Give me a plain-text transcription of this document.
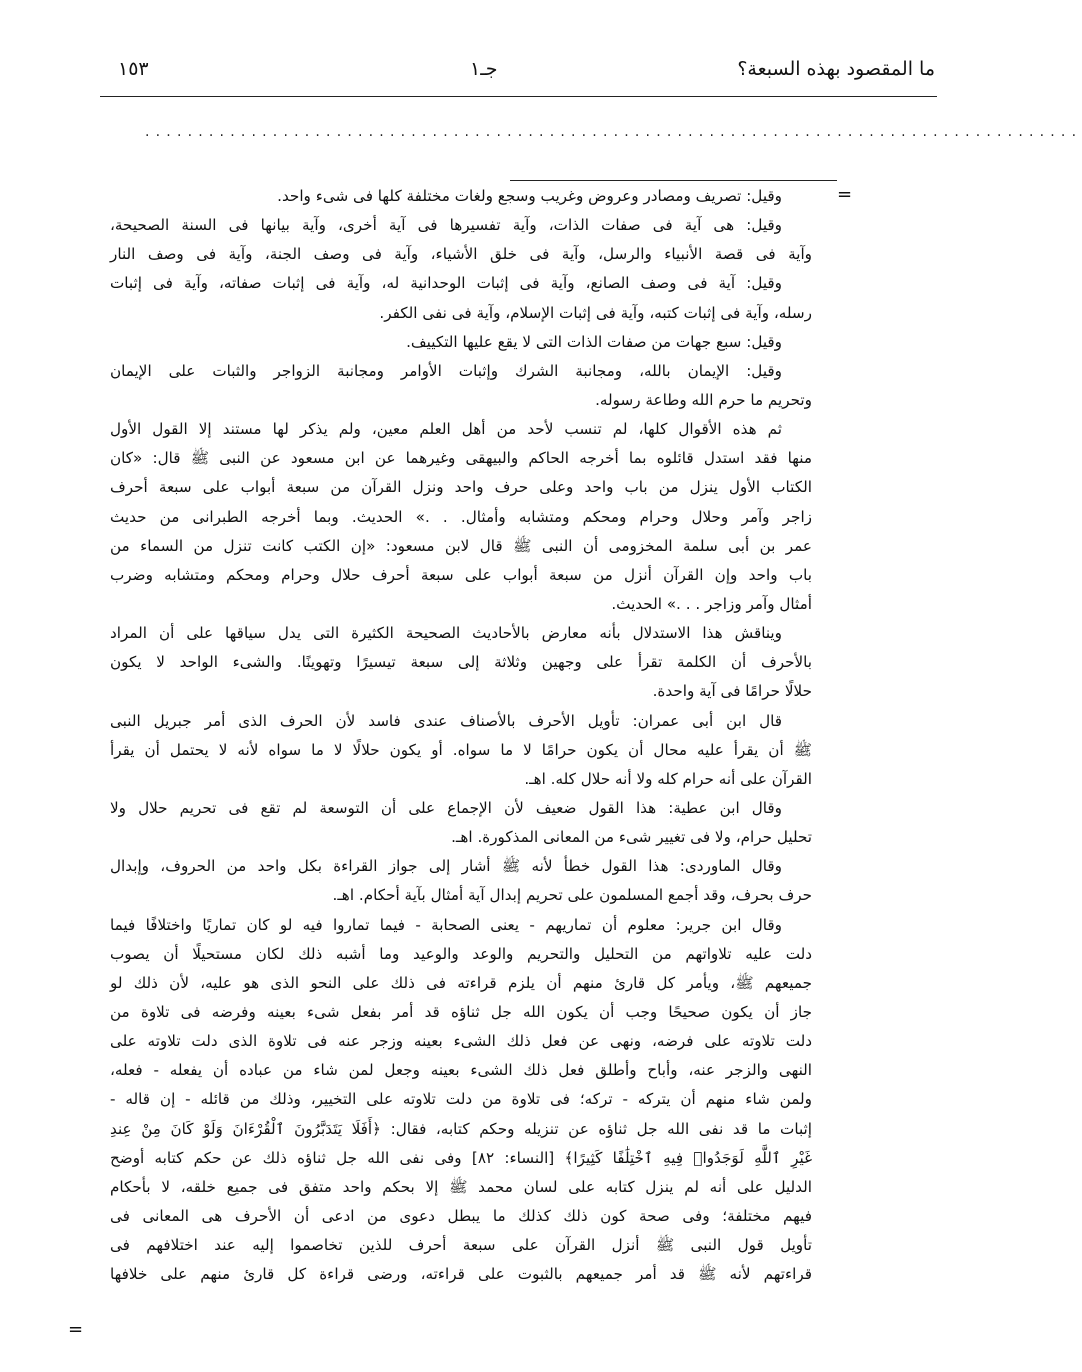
ما المقصود بهذه السبعة؟
جـ١
١٥٣
........................................................................................
=
=
وقيل: تصريف ومصادر وعروض وغريب وسجع ولغات مختلفة كلها فى شىء واحد.
وقيل: هى آية فى صفات الذات، وآية تفسيرها فى آية أخرى، وآية بيانها فى السنة الصحيحة،
وآية فى قصة الأنبياء والرسل، وآية فى خلق الأشياء، وآية فى وصف الجنة، وآية فى وصف النار
وقيل: آية فى وصف الصانع، وآية فى إثبات الوحدانية له، وآية فى إثبات صفاته، وآية فى إثبات
رسله، وآية فى إثبات كتبه، وآية فى إثبات الإسلام، وآية فى نفى الكفر.
وقيل: سبع جهات من صفات الذات التى لا يقع عليها التكييف.
وقيل: الإيمان بالله، ومجانبة الشرك وإثبات الأوامر ومجانبة الزواجر والثبات على الإيمان
وتحريم ما حرم الله وطاعة رسوله.
ثم هذه الأقوال كلها، لم تنسب لأحد من أهل العلم معين، ولم يذكر لها مستند إلا القول الأول
منها فقد استدل قائلوه بما أخرجه الحاكم والبيهقى وغيرهما عن ابن مسعود عن النبى ﷺ قال: «كان
الكتاب الأول ينزل من باب واحد وعلى حرف واحد ونزل القرآن من سبعة أبواب على سبعة أحرف
زاجر وآمر وحلال وحرام ومحكم ومتشابه وأمثال. . .» الحديث. وبما أخرجه الطبرانى من حديث
عمر بن أبى سلمة المخزومى أن النبى ﷺ قال لابن مسعود: «إن الكتب كانت تنزل من السماء من
باب واحد وإن القرآن أنزل من سبعة أبواب على سبعة أحرف حلال وحرام ومحكم ومتشابه وضرب
أمثال وآمر وزاجر . . .» الحديث.
ويناقش هذا الاستدلال بأنه معارض بالأحاديث الصحيحة الكثيرة التى يدل سياقها على أن المراد
بالأحرف أن الكلمة تقرأ على وجهين وثلاثة إلى سبعة تيسيرًا وتهوينًا. والشىء الواحد لا يكون
حلالًا حرامًا فى آية واحدة.
قال ابن أبى عمران: تأويل الأحرف بالأصناف عندى فاسد لأن الحرف الذى أمر جبريل النبى
ﷺ أن يقرأ عليه محال أن يكون حرامًا لا ما سواه. أو يكون حلالًا لا ما سواه لأنه لا يحتمل أن يقرأ
القرآن على أنه حرام كله ولا أنه حلال كله. اهـ.
وقال ابن عطية: هذا القول ضعيف لأن الإجماع على أن التوسعة لم تقع فى تحريم حلال ولا
تحليل حرام، ولا فى تغيير شىء من المعانى المذكورة. اهـ.
وقال الماوردى: هذا القول خطأ لأنه ﷺ أشار إلى جواز القراءة بكل واحد من الحروف، وإبدال
حرف بحرف، وقد أجمع المسلمون على تحريم إبدال آية أمثال بآية أحكام. اهـ.
وقال ابن جرير: معلوم أن تماريهم - يعنى الصحابة - فيما تماروا فيه لو كان تماريًا واختلافًا فيما
دلت عليه تلاواتهم من التحليل والتحريم والوعد والوعيد وما أشبه ذلك لكان مستحيلًا أن يصوب
جميعهم ﷺ، ويأمر كل قارئ منهم أن يلزم قراءته فى ذلك على النحو الذى هو عليه، لأن ذلك لو
جاز أن يكون صحيحًا وجب أن يكون الله جل ثناؤه قد أمر بفعل شىء بعينه وفرضه فى تلاوة من
دلت تلاوته على فرضه، ونهى عن فعل ذلك الشىء بعينه وزجر عنه فى تلاوة الذى دلت تلاوته على
النهى والزجر عنه، وأباح وأطلق فعل ذلك الشىء بعينه وجعل لمن شاء من عباده أن يفعله - فعله،
ولمن شاء منهم أن يتركه - تركه؛ فى تلاوة من دلت تلاوته على التخيير، وذلك من قائله - إن قاله -
إثبات ما قد نفى الله جل ثناؤه عن تنزيله وحكم كتابه، فقال: ﴿أَفَلَا يَتَدَبَّرُونَ ٱلْقُرْءَانَ وَلَوْ كَانَ مِنْ عِندِ
غَيْرِ ٱللَّهِ لَوَجَدُوا۟ فِيهِ ٱخْتِلَٰفًا كَثِيرًا﴾ [النساء: ٨٢] وفى نفى الله جل ثناؤه ذلك عن حكم كتابه أوضح
الدليل على أنه لم ينزل كتابه على لسان محمد ﷺ إلا بحكم واحد متفق فى جميع خلقه، لا بأحكام
فيهم مختلفة؛ وفى صحة كون ذلك كذلك ما يبطل دعوى من ادعى أن الأحرف هى المعانى فى
تأويل قول النبى ﷺ أنزل القرآن على سبعة أحرف للذين تخاصموا إليه عند اختلافهم فى
قراءتهم لأنه ﷺ قد أمر جميعهم بالثبوت على قراءته، ورضى قراءة كل قارئ منهم على خلافها
